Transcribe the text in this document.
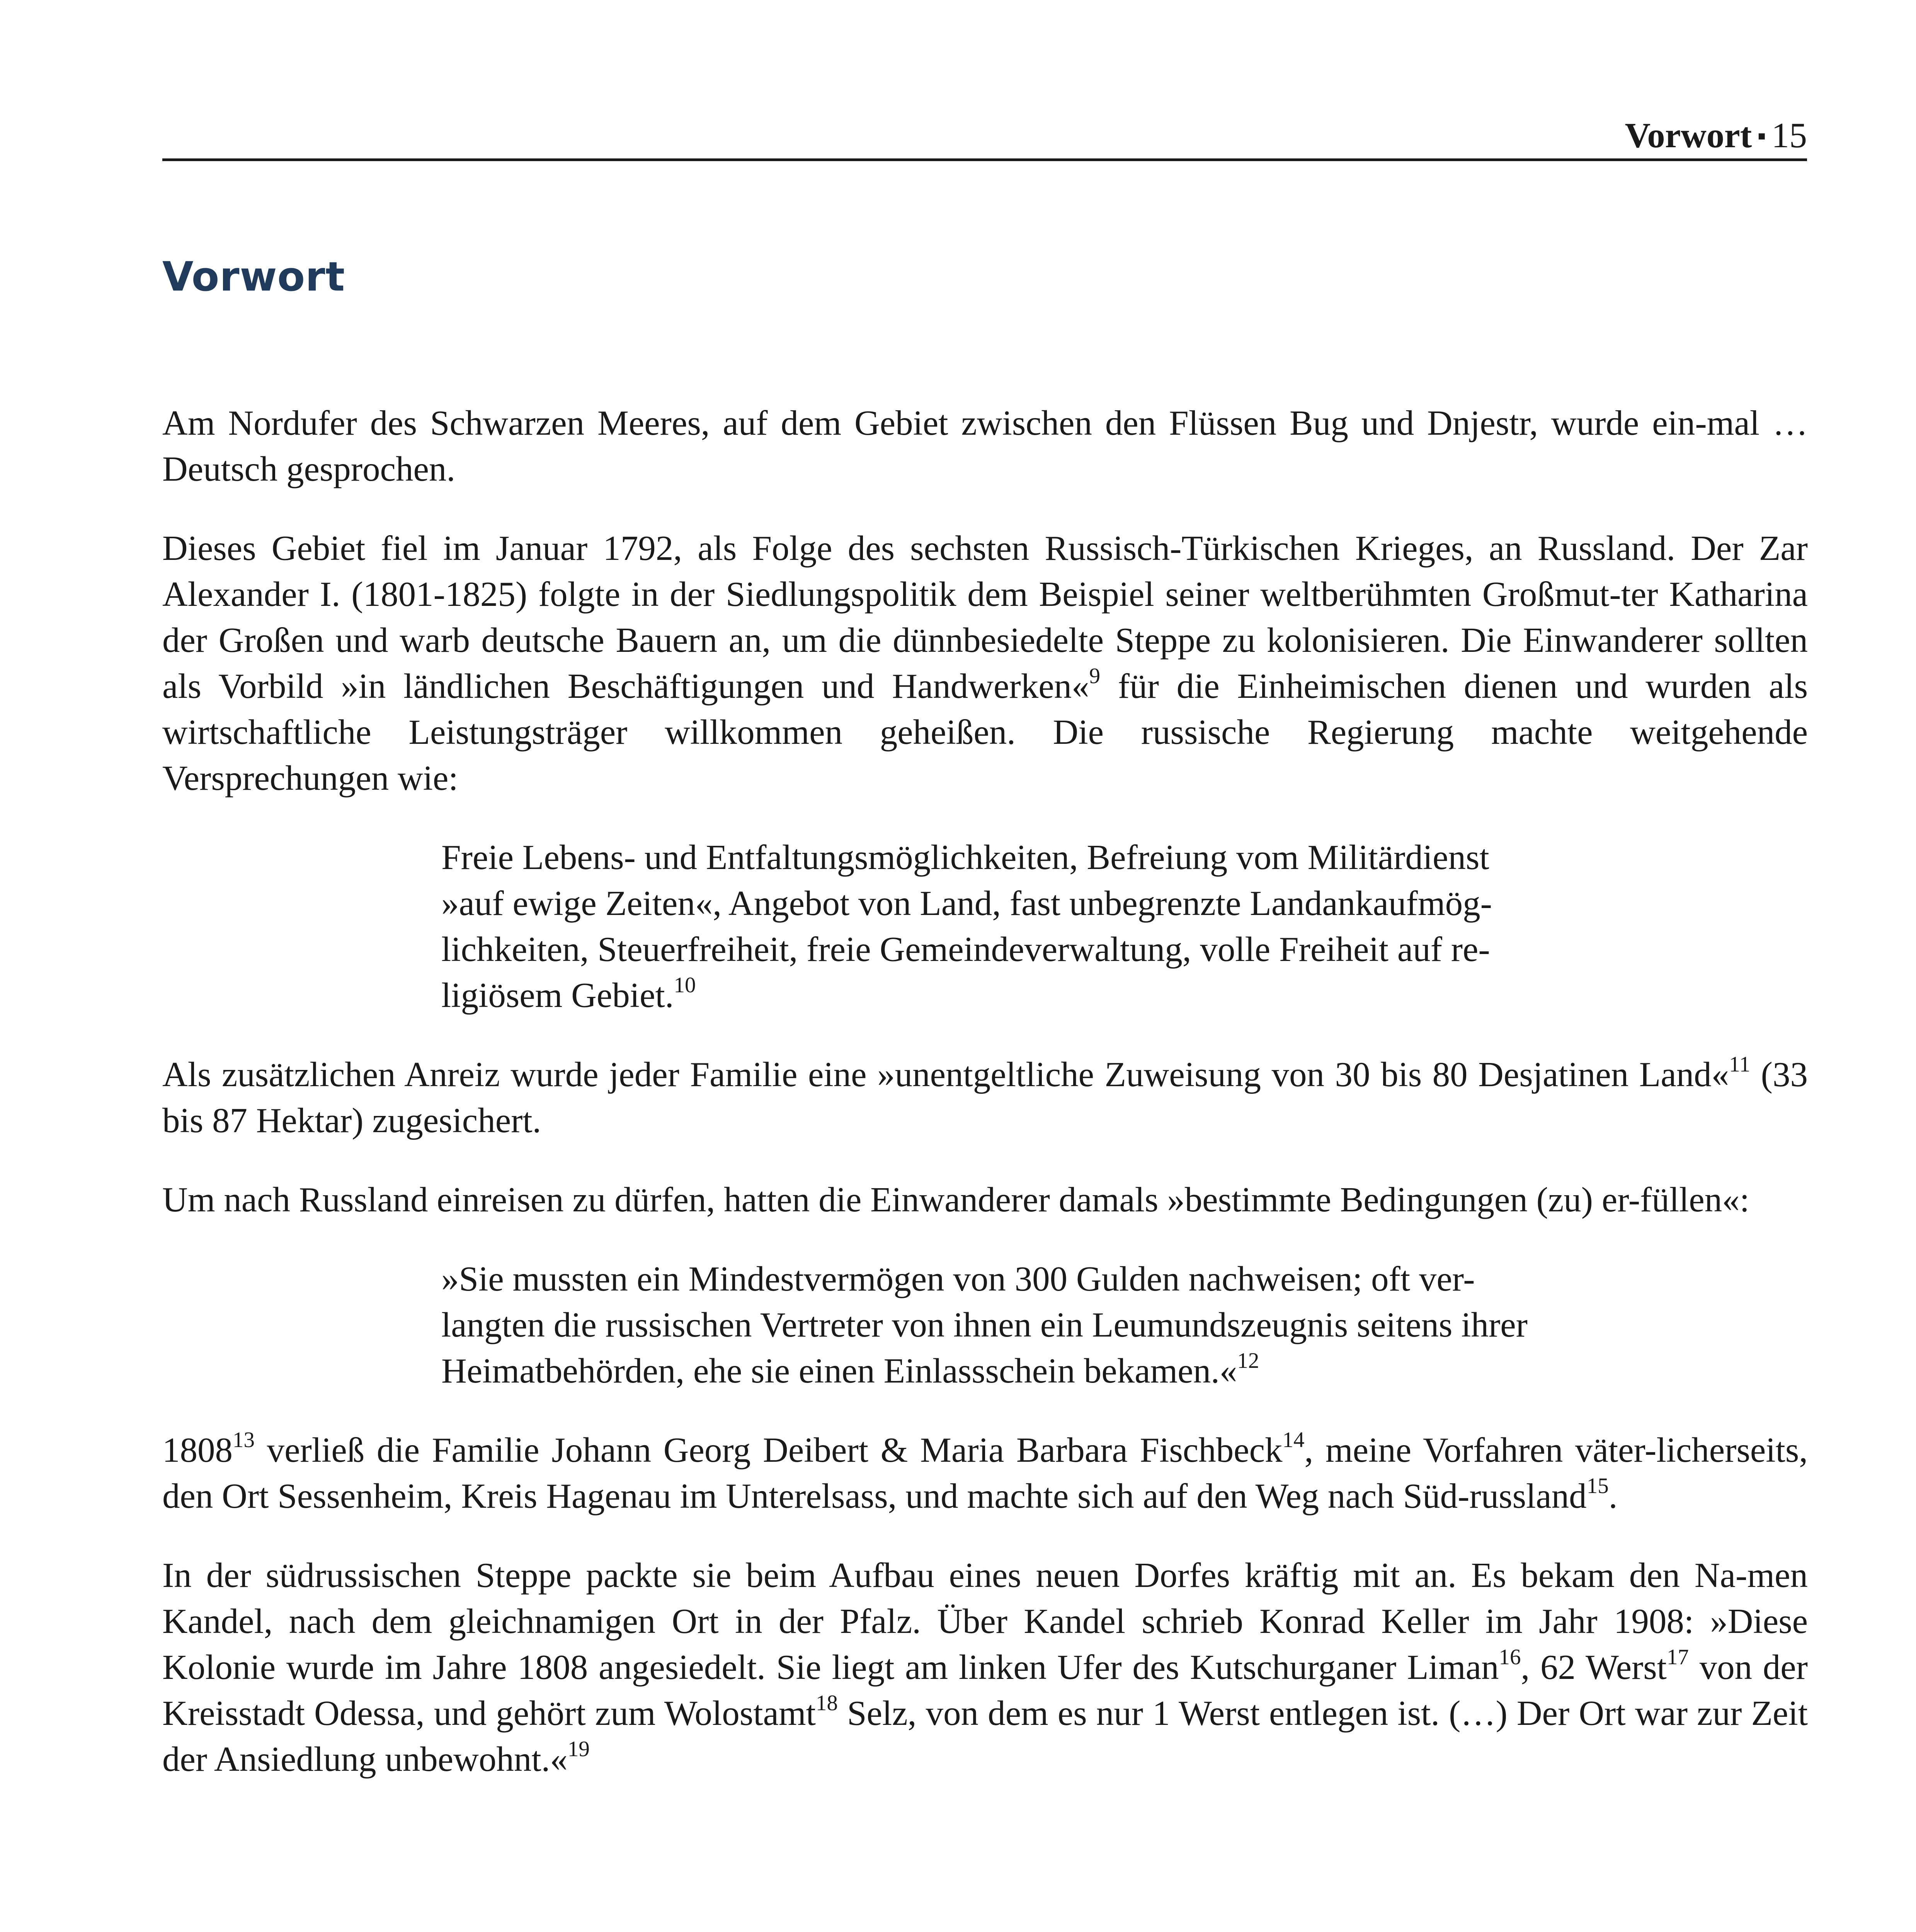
Vorwort ▪ 15
Vorwort

Am Nordufer des Schwarzen Meeres, auf dem Gebiet zwischen den Flüssen Bug und Dnjestr, wurde ein-mal … Deutsch gesprochen.

Dieses Gebiet fiel im Januar 1792, als Folge des sechsten Russisch-Türkischen Krieges, an Russland. Der Zar Alexander I. (1801-1825) folgte in der Siedlungspolitik dem Beispiel seiner weltberühmten Großmut-ter Katharina der Großen und warb deutsche Bauern an, um die dünnbesiedelte Steppe zu kolonisieren. Die Einwanderer sollten als Vorbild »in ländlichen Beschäftigungen und Handwerken«$^9$ für die Einheimischen dienen und wurden als wirtschaftliche Leistungsträger willkommen geheißen. Die russische Regierung machte weitgehende Versprechungen wie:

Freie Lebens- und Entfaltungsmöglichkeiten, Befreiung vom Militärdienst »auf ewige Zeiten«, Angebot von Land, fast unbegrenzte Landankaufmög-lichkeiten, Steuerfreiheit, freie Gemeindeverwaltung, volle Freiheit auf re-ligiösem Gebiet.$^{10}$

Als zusätzlichen Anreiz wurde jeder Familie eine »unentgeltliche Zuweisung von 30 bis 80 Desjatinen Land«$^{11}$ (33 bis 87 Hektar) zugesichert.

Um nach Russland einreisen zu dürfen, hatten die Einwanderer damals »bestimmte Bedingungen (zu) er-füllen«:

»Sie mussten ein Mindestvermögen von 300 Gulden nachweisen; oft ver-langten die russischen Vertreter von ihnen ein Leumundszeugnis seitens ihrer Heimatbehörden, ehe sie einen Einlassschein bekamen.«$^{12}$

1808$^{13}$ verließ die Familie Johann Georg Deibert & Maria Barbara Fischbeck$^{14}$, meine Vorfahren väter-licherseits, den Ort Sessenheim, Kreis Hagenau im Unterelsass, und machte sich auf den Weg nach Süd-russland$^{15}$.

In der südrussischen Steppe packte sie beim Aufbau eines neuen Dorfes kräftig mit an. Es bekam den Na-men Kandel, nach dem gleichnamigen Ort in der Pfalz. Über Kandel schrieb Konrad Keller im Jahr 1908: »Diese Kolonie wurde im Jahre 1808 angesiedelt. Sie liegt am linken Ufer des Kutschurganer Liman$^{16}$, 62 Werst$^{17}$ von der Kreisstadt Odessa, und gehört zum Wolostamt$^{18}$ Selz, von dem es nur 1 Werst entlegen ist. (…) Der Ort war zur Zeit der Ansiedlung unbewohnt.«$^{19}$
